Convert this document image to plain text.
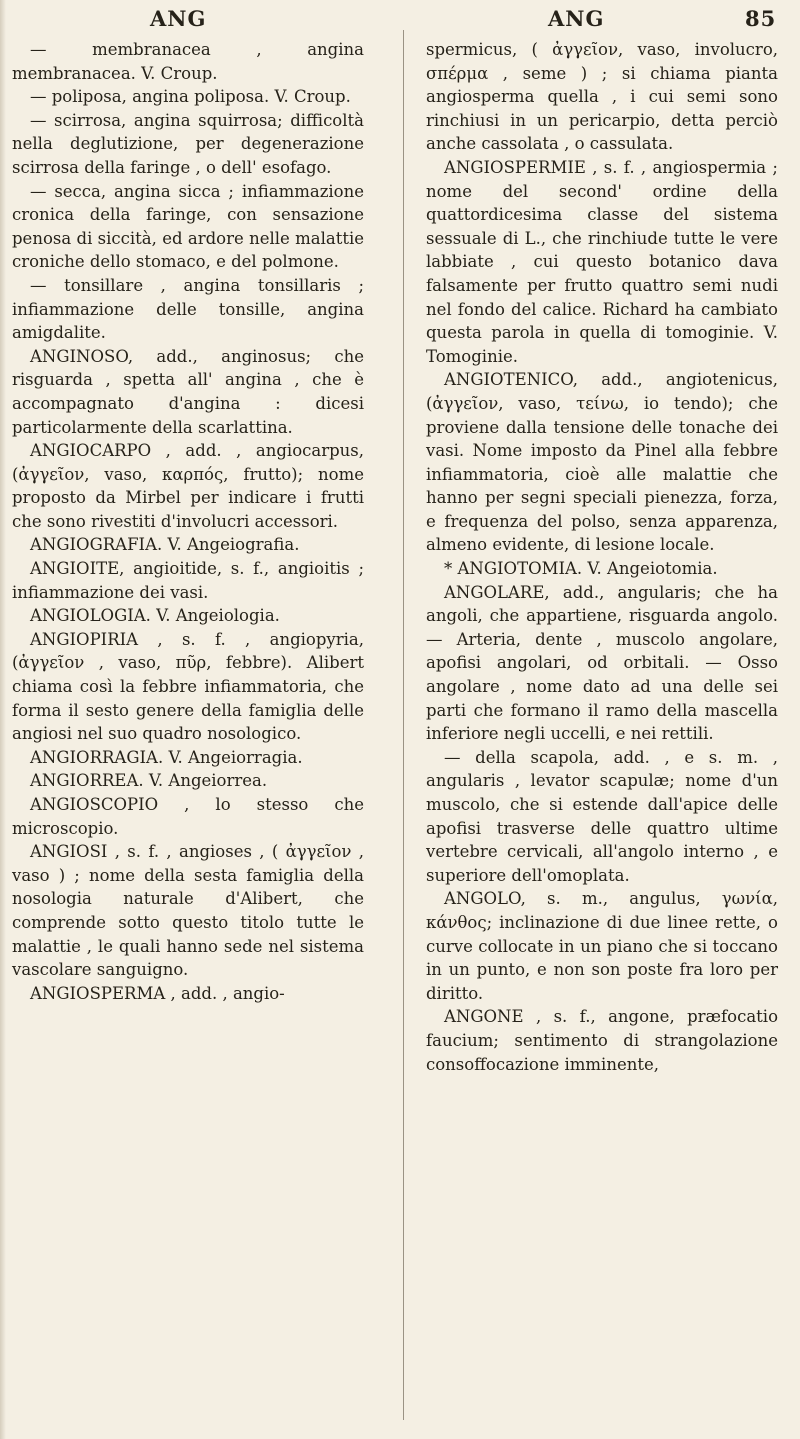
ANG	ANG	85

— membranacea , angina membranacea. V. Croup.

— poliposa, angina poliposa. V. Croup.

— scirrosa, angina squirrosa; difficoltà nella deglutizione, per degenerazione scirrosa della faringe , o dell' esofago.

— secca, angina sicca ; infiammazione cronica della faringe, con sensazione penosa di siccità, ed ardore nelle malattie croniche dello stomaco, e del polmone.

— tonsillare , angina tonsillaris ; infiammazione delle tonsille, angina amigdalite.

ANGINOSO, add., anginosus; che risguarda , spetta all' angina , che è accompagnato d'angina : dicesi particolarmente della scarlattina.

ANGIOCARPO , add. , angiocarpus, (ἀγγεῖον, vaso, καρπός, frutto); nome proposto da Mirbel per indicare i frutti che sono rivestiti d'involucri accessori.

ANGIOGRAFIA. V. Angeiografia.

ANGIOITE, angioitide, s. f., angioitis ; infiammazione dei vasi.

ANGIOLOGIA. V. Angeiologia.

ANGIOPIRIA , s. f. , angiopyria, (ἀγγεῖον , vaso, πῦρ, febbre). Alibert chiama così la febbre infiammatoria, che forma il sesto genere della famiglia delle angiosi nel suo quadro nosologico.

ANGIORRAGIA. V. Angeiorragia.

ANGIORREA. V. Angeiorrea.

ANGIOSCOPIO , lo stesso che microscopio.

ANGIOSI , s. f. , angioses , ( ἀγγεῖον , vaso ) ; nome della sesta famiglia della nosologia naturale d'Alibert, che comprende sotto questo titolo tutte le malattie , le quali hanno sede nel sistema vascolare sanguigno.

ANGIOSPERMA , add. , angio-

spermicus, ( ἀγγεῖον, vaso, involucro, σπέρμα , seme ) ; si chiama pianta angiosperma quella , i cui semi sono rinchiusi in un pericarpio, detta perciò anche cassolata , o cassulata.

ANGIOSPERMIE , s. f. , angiospermia ; nome del second' ordine della quattordicesima classe del sistema sessuale di L., che rinchiude tutte le vere labbiate , cui questo botanico dava falsamente per frutto quattro semi nudi nel fondo del calice. Richard ha cambiato questa parola in quella di tomoginie. V. Tomoginie.

ANGIOTENICO, add., angiotenicus,(ἀγγεῖον, vaso, τείνω, io tendo); che proviene dalla tensione delle tonache dei vasi. Nome imposto da Pinel alla febbre infiammatoria, cioè alle malattie che hanno per segni speciali pienezza, forza, e frequenza del polso, senza apparenza, almeno evidente, di lesione locale.

* ANGIOTOMIA. V. Angeiotomia.

ANGOLARE, add., angularis; che ha angoli, che appartiene, risguarda angolo. — Arteria, dente , muscolo angolare, apofisi angolari, od orbitali. — Osso angolare , nome dato ad una delle sei parti che formano il ramo della mascella inferiore negli uccelli, e nei rettili.

— della scapola, add. , e s. m. , angularis , levator scapulæ; nome d'un muscolo, che si estende dall'apice delle apofisi trasverse delle quattro ultime vertebre cervicali, all'angolo interno , e superiore dell'omoplata.

ANGOLO, s. m., angulus, γωνία, κάνθος; inclinazione di due linee rette, o curve collocate in un piano che si toccano in un punto, e non son poste fra loro per diritto.

ANGONE , s. f., angone, præfocatio faucium; sentimento di strangolazione consoffocazione imminente,
